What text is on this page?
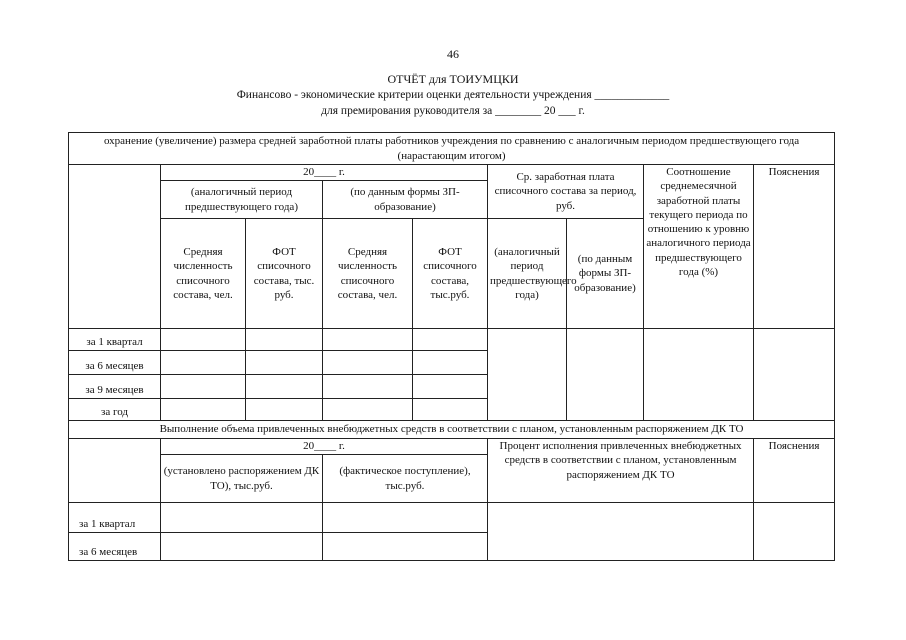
46
ОТЧЁТ для ТОИУМЦКИ
Финансово - экономические критерии оценки деятельности учреждения _____________
для премирования руководителя за ________ 20 ___ г.
охранение (увеличение) размера средней заработной платы работников учреждения по сравнению с аналогичным периодом предшествующего года (нарастающим итогом)								
	20____ г.				Ср. заработная плата списочного состава за период, руб.		Соотношение среднемесячной заработной платы текущего периода по отношению к уровню аналогичного периода предшествующего года (%)	Пояснения
	(аналогичный период предшествующего года)		(по данным формы ЗП-образование)					
	Средняя численность списочного состава, чел.	ФОТ списочного состава, тыс. руб.	Средняя численность списочного состава, чел.	ФОТ списочного состава, тыс.руб.	(аналогичный период предшествующего года)	(по данным формы ЗП-образование)		
за 1 квартал								
за 6 месяцев								
за 9 месяцев								
за год								
Выполнение объема привлеченных внебюджетных средств в соответствии с планом, установленным распоряжением ДК ТО								
	20____ г.				Процент исполнения привлеченных внебюджетных средств в соответствии с планом, установленным распоряжением ДК ТО			Пояснения
	(установлено распоряжением ДК ТО), тыс.руб.		(фактическое поступление), тыс.руб.					
за 1 квартал								
за 6 месяцев								
